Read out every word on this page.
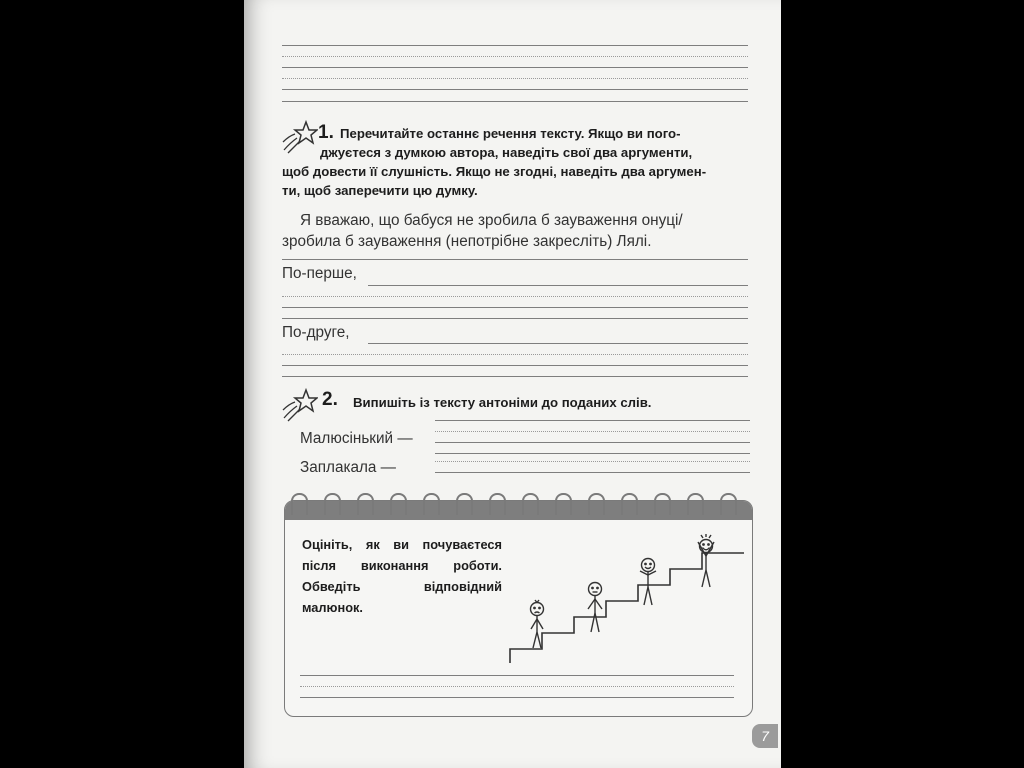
1. Перечитайте останнє речення тексту. Якщо ви пого-
джуєтеся з думкою автора, наведіть свої два аргументи,
щоб довести її слушність. Якщо не згодні, наведіть два аргумен-
ти, щоб заперечити цю думку.
Я вважаю, що бабуся не зробила б зауваження онуці/
зробила б зауваження (непотрібне закресліть) Лялі.
По-перше,
По-друге,
2. Випишіть із тексту антоніми до поданих слів.
Малюсінький —
Заплакала —
Оцініть, як ви почуваєтеся після виконання роботи. Обведіть відповідний малюнок.
7
